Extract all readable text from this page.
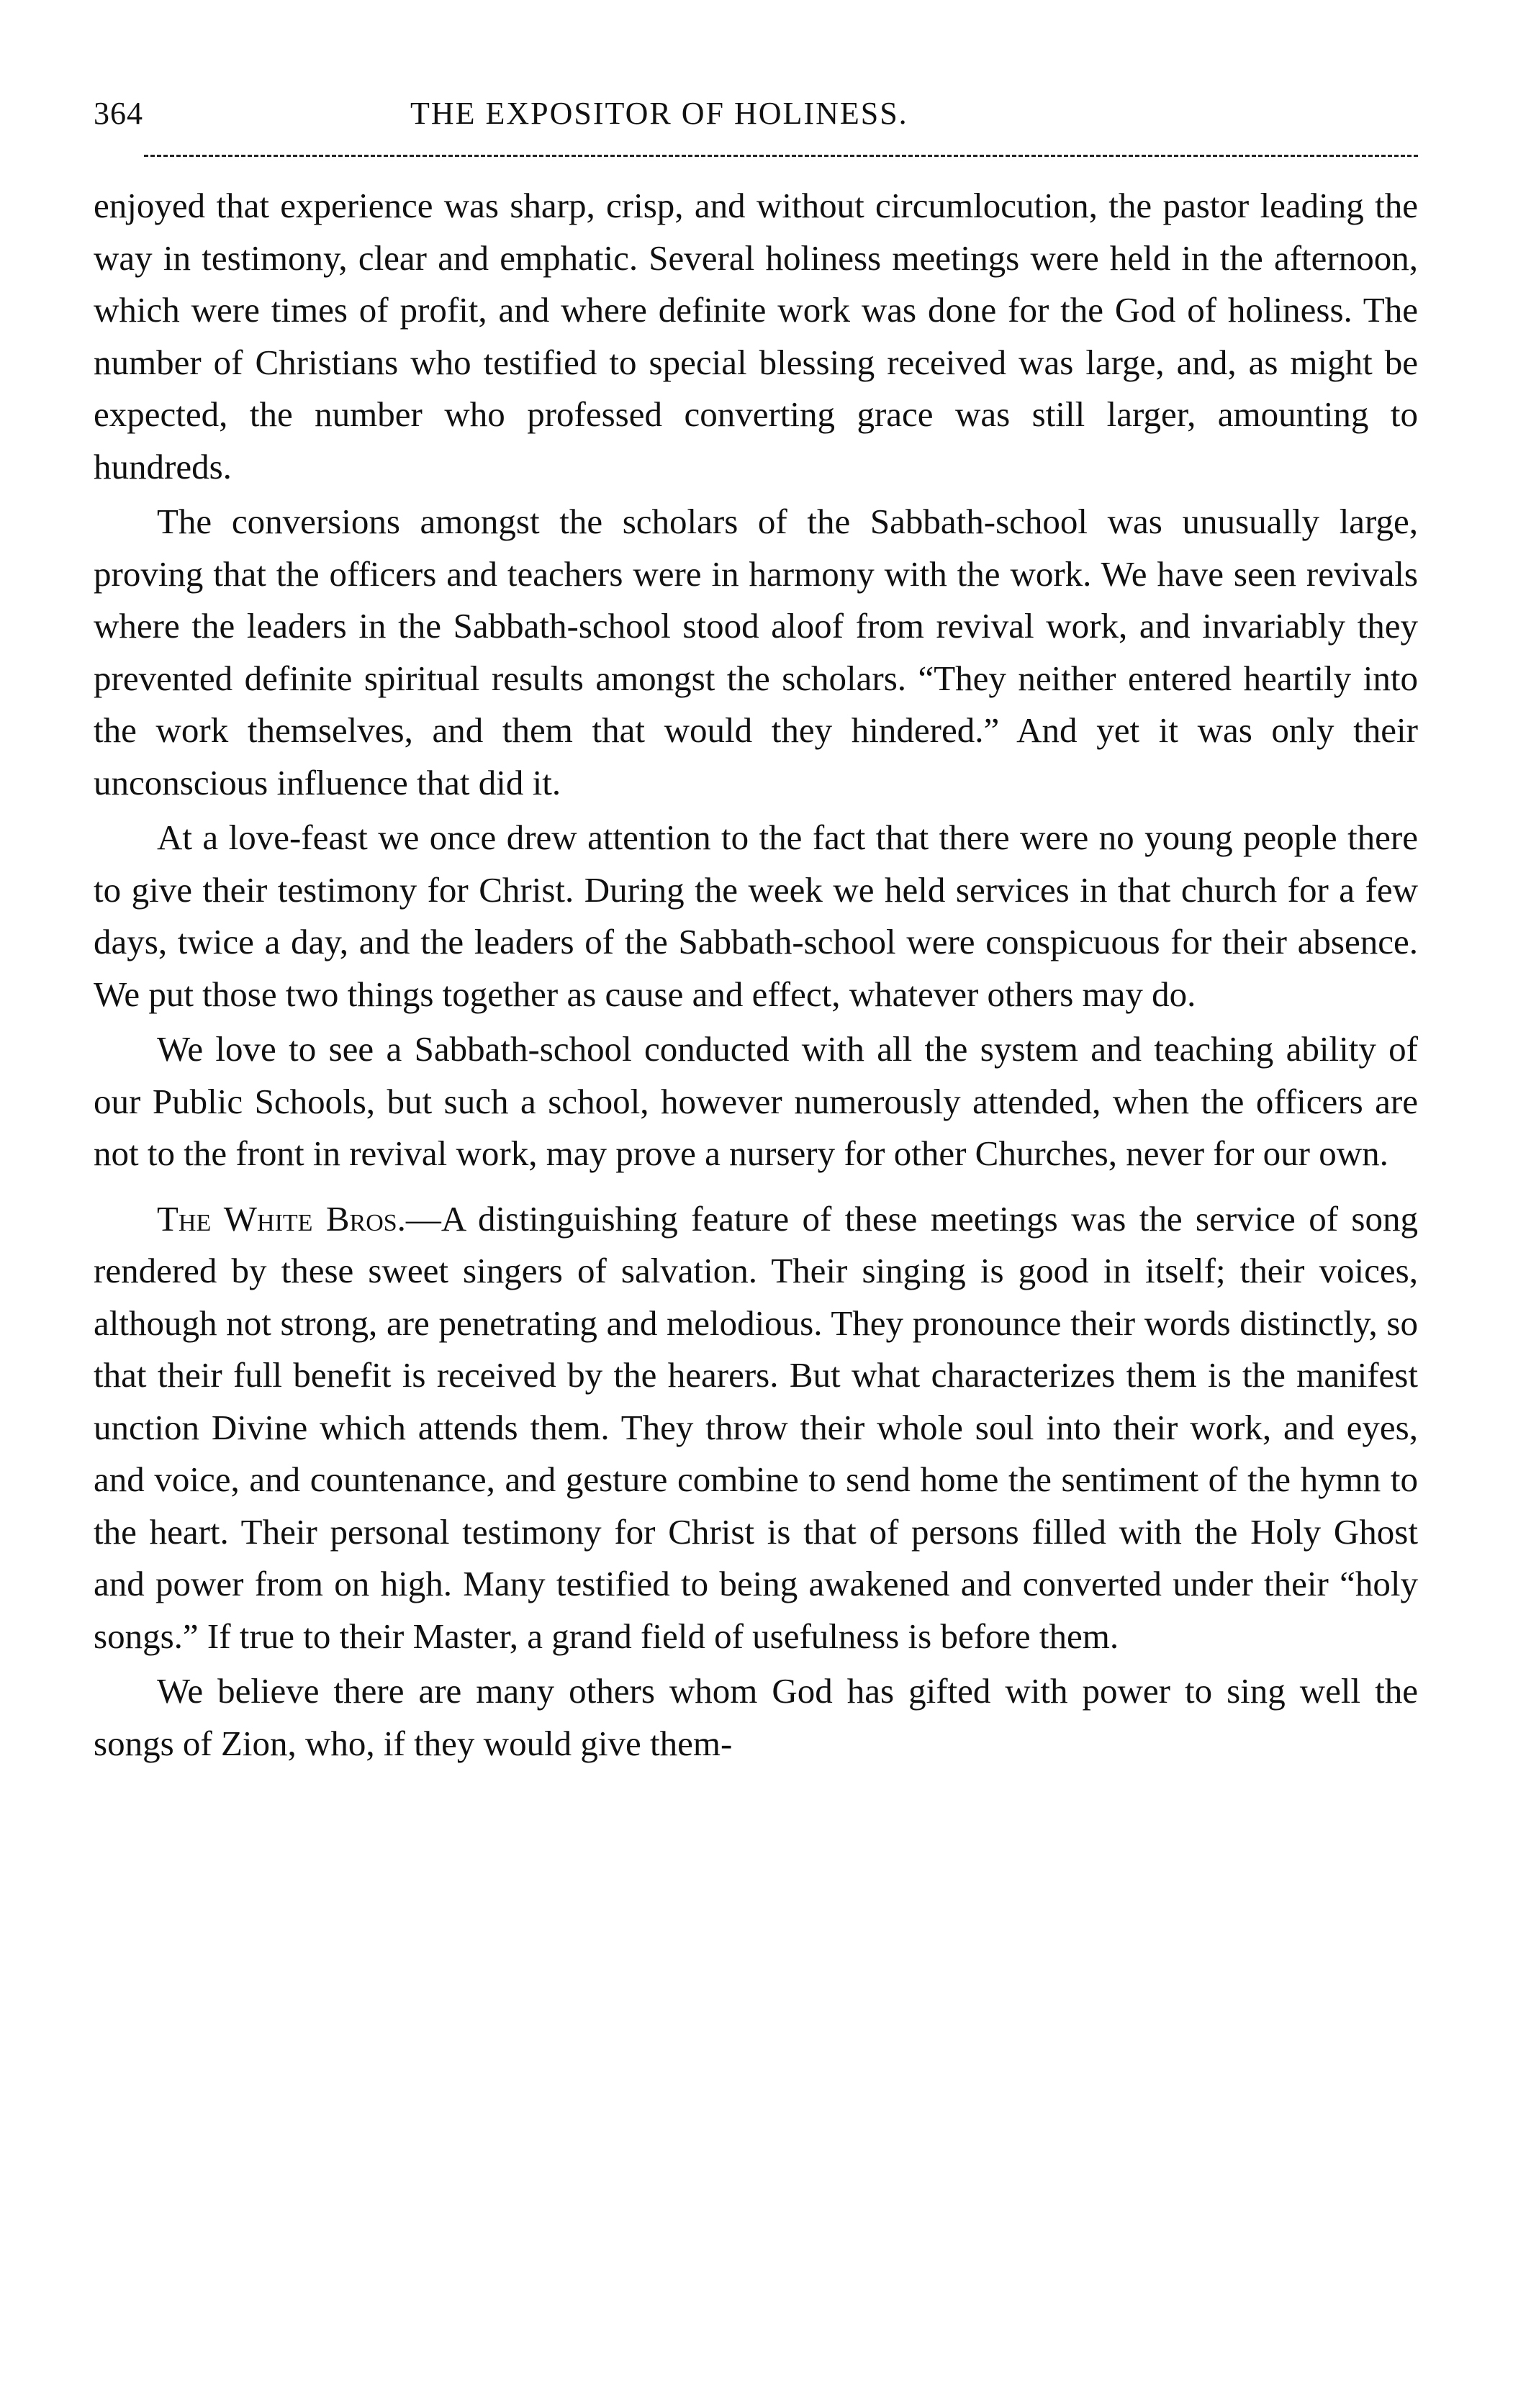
364	THE EXPOSITOR OF HOLINESS.

enjoyed that experience was sharp, crisp, and without circumlocution, the pastor leading the way in testimony, clear and emphatic. Several holiness meetings were held in the afternoon, which were times of profit, and where definite work was done for the God of holiness. The number of Christians who testified to special blessing received was large, and, as might be expected, the number who professed converting grace was still larger, amounting to hundreds.

The conversions amongst the scholars of the Sabbath-school was unusually large, proving that the officers and teachers were in harmony with the work. We have seen revivals where the leaders in the Sabbath-school stood aloof from revival work, and invariably they prevented definite spiritual results amongst the scholars. “They neither entered heartily into the work themselves, and them that would they hindered.” And yet it was only their unconscious influence that did it.

At a love-feast we once drew attention to the fact that there were no young people there to give their testimony for Christ. During the week we held services in that church for a few days, twice a day, and the leaders of the Sabbath-school were conspicuous for their absence. We put those two things together as cause and effect, whatever others may do.

We love to see a Sabbath-school conducted with all the system and teaching ability of our Public Schools, but such a school, however numerously attended, when the officers are not to the front in revival work, may prove a nursery for other Churches, never for our own.

The White Bros.—A distinguishing feature of these meetings was the service of song rendered by these sweet singers of salvation. Their singing is good in itself; their voices, although not strong, are penetrating and melodious. They pronounce their words distinctly, so that their full benefit is received by the hearers. But what characterizes them is the manifest unction Divine which attends them. They throw their whole soul into their work, and eyes, and voice, and countenance, and gesture combine to send home the sentiment of the hymn to the heart. Their personal testimony for Christ is that of persons filled with the Holy Ghost and power from on high. Many testified to being awakened and converted under their “holy songs.” If true to their Master, a grand field of usefulness is before them.

We believe there are many others whom God has gifted with power to sing well the songs of Zion, who, if they would give them-
